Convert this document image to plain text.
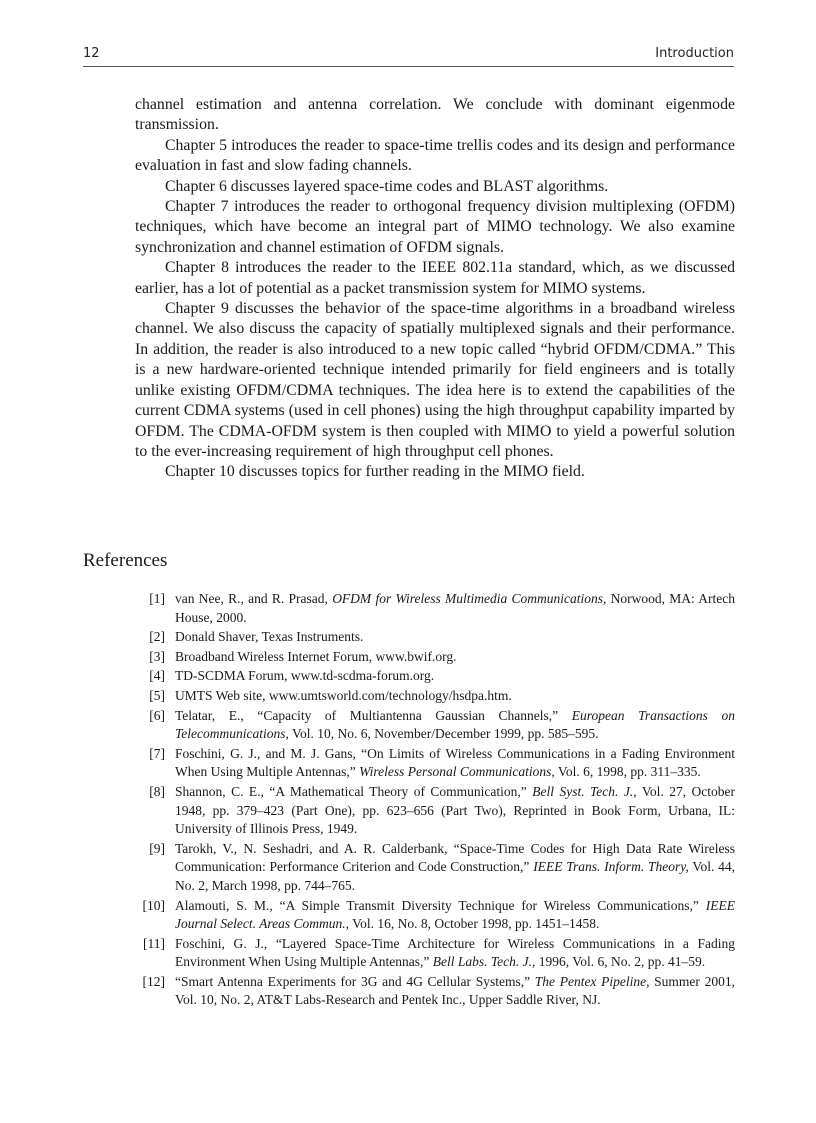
12	Introduction

channel estimation and antenna correlation. We conclude with dominant eigenmode transmission.

Chapter 5 introduces the reader to space-time trellis codes and its design and performance evaluation in fast and slow fading channels.

Chapter 6 discusses layered space-time codes and BLAST algorithms.

Chapter 7 introduces the reader to orthogonal frequency division multiplexing (OFDM) techniques, which have become an integral part of MIMO technology. We also examine synchronization and channel estimation of OFDM signals.

Chapter 8 introduces the reader to the IEEE 802.11a standard, which, as we discussed earlier, has a lot of potential as a packet transmission system for MIMO systems.

Chapter 9 discusses the behavior of the space-time algorithms in a broadband wireless channel. We also discuss the capacity of spatially multiplexed signals and their performance. In addition, the reader is also introduced to a new topic called “hybrid OFDM/CDMA.” This is a new hardware-oriented technique intended primarily for field engineers and is totally unlike existing OFDM/CDMA techniques. The idea here is to extend the capabilities of the current CDMA systems (used in cell phones) using the high throughput capability imparted by OFDM. The CDMA-OFDM system is then coupled with MIMO to yield a powerful solution to the ever-increasing requirement of high throughput cell phones.

Chapter 10 discusses topics for further reading in the MIMO field.

References
[1] van Nee, R., and R. Prasad, OFDM for Wireless Multimedia Communications, Norwood, MA: Artech House, 2000.
[2] Donald Shaver, Texas Instruments.
[3] Broadband Wireless Internet Forum, www.bwif.org.
[4] TD-SCDMA Forum, www.td-scdma-forum.org.
[5] UMTS Web site, www.umtsworld.com/technology/hsdpa.htm.
[6] Telatar, E., “Capacity of Multiantenna Gaussian Channels,” European Transactions on Telecommunications, Vol. 10, No. 6, November/December 1999, pp. 585–595.
[7] Foschini, G. J., and M. J. Gans, “On Limits of Wireless Communications in a Fading Environment When Using Multiple Antennas,” Wireless Personal Communications, Vol. 6, 1998, pp. 311–335.
[8] Shannon, C. E., “A Mathematical Theory of Communication,” Bell Syst. Tech. J., Vol. 27, October 1948, pp. 379–423 (Part One), pp. 623–656 (Part Two), Reprinted in Book Form, Urbana, IL: University of Illinois Press, 1949.
[9] Tarokh, V., N. Seshadri, and A. R. Calderbank, “Space-Time Codes for High Data Rate Wireless Communication: Performance Criterion and Code Construction,” IEEE Trans. Inform. Theory, Vol. 44, No. 2, March 1998, pp. 744–765.
[10] Alamouti, S. M., “A Simple Transmit Diversity Technique for Wireless Communications,” IEEE Journal Select. Areas Commun., Vol. 16, No. 8, October 1998, pp. 1451–1458.
[11] Foschini, G. J., “Layered Space-Time Architecture for Wireless Communications in a Fading Environment When Using Multiple Antennas,” Bell Labs. Tech. J., 1996, Vol. 6, No. 2, pp. 41–59.
[12] “Smart Antenna Experiments for 3G and 4G Cellular Systems,” The Pentex Pipeline, Summer 2001, Vol. 10, No. 2, AT&T Labs-Research and Pentek Inc., Upper Saddle River, NJ.
